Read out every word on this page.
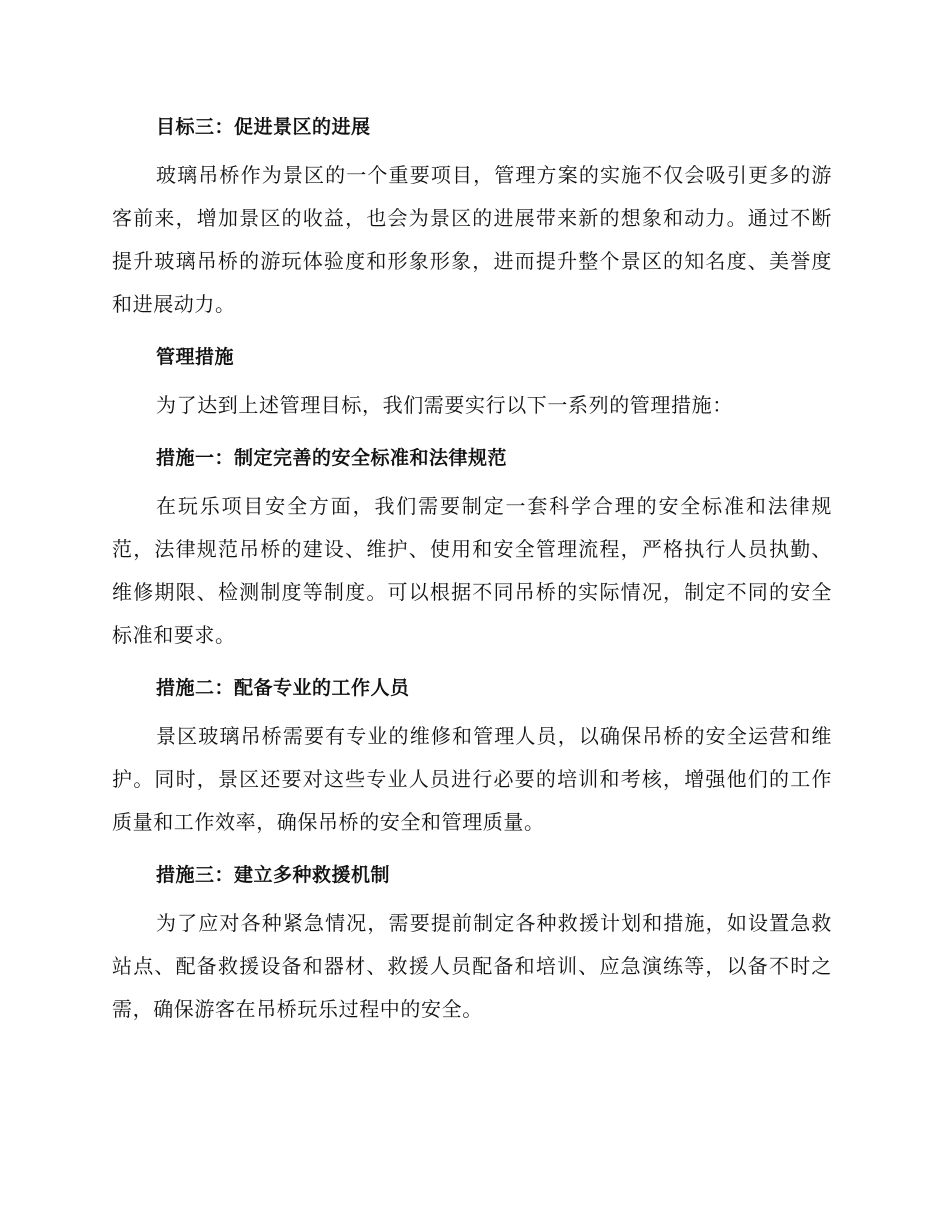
目标三：促进景区的进展

玻璃吊桥作为景区的一个重要项目，管理方案的实施不仅会吸引更多的游客前来，增加景区的收益，也会为景区的进展带来新的想象和动力。通过不断提升玻璃吊桥的游玩体验度和形象形象，进而提升整个景区的知名度、美誉度和进展动力。

管理措施

为了达到上述管理目标，我们需要实行以下一系列的管理措施：

措施一：制定完善的安全标准和法律规范

在玩乐项目安全方面，我们需要制定一套科学合理的安全标准和法律规范，法律规范吊桥的建设、维护、使用和安全管理流程，严格执行人员执勤、维修期限、检测制度等制度。可以根据不同吊桥的实际情况，制定不同的安全标准和要求。

措施二：配备专业的工作人员

景区玻璃吊桥需要有专业的维修和管理人员，以确保吊桥的安全运营和维护。同时，景区还要对这些专业人员进行必要的培训和考核，增强他们的工作质量和工作效率，确保吊桥的安全和管理质量。

措施三：建立多种救援机制

为了应对各种紧急情况，需要提前制定各种救援计划和措施，如设置急救站点、配备救援设备和器材、救援人员配备和培训、应急演练等，以备不时之需，确保游客在吊桥玩乐过程中的安全。
